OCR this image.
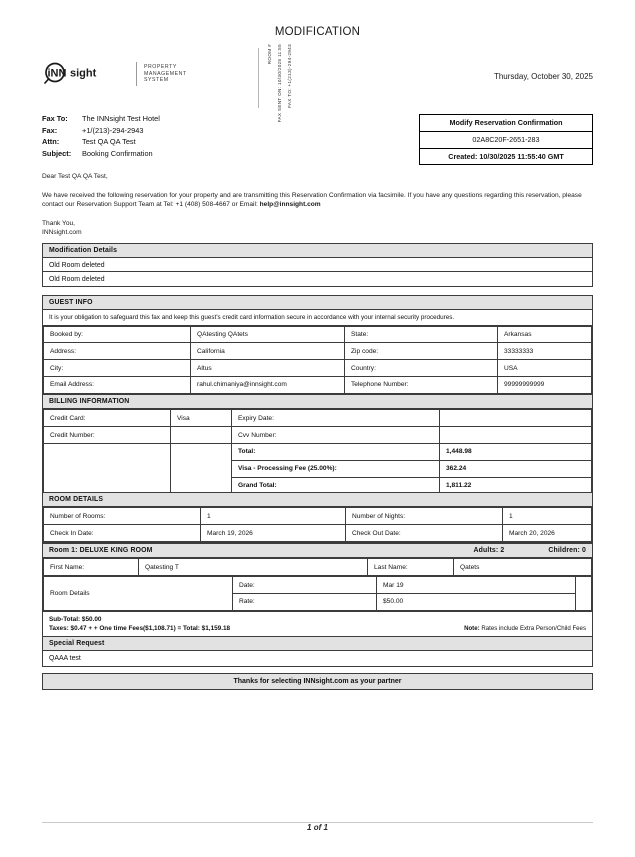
MODIFICATION
iNN sight
PROPERTY
MANAGEMENT
SYSTEM
ROOM # FAX SENT ON: 10/30/2025 11:55 FAX TO: +1(213)-294-2943	Thursday, October 30, 2025
Fax To:	The INNsight Test Hotel
Fax:	+1/(213)-294-2943
Attn:	Test QA QA Test
Subject:	Booking Confirmation
Modify Reservation Confirmation
02A8C20F-2651-283
Created: 10/30/2025 11:55:40 GMT
Dear Test QA QA Test,

We have received the following reservation for your property and are transmitting this Reservation Confirmation via facsimile. If you have any questions regarding this reservation, please contact our Reservation Support Team at Tel: +1 (408) 508-4667 or Email: help@innsight.com

Thank You,
INNsight.com
Modification Details
Old Room deleted
Old Room deleted
GUEST INFO
It is your obligation to safeguard this fax and keep this guest's credit card information secure in accordance with your internal security procedures.
Booked by:	QAtesting QAtets	State:	Arkansas
Address:	California	Zip code:	33333333
City:	Altus	Country:	USA
Email Address:	rahul.chimaniya@innsight.com	Telephone Number:	99999999999
BILLING INFORMATION
Credit Card:	Visa	Expiry Date:	
Credit Number:		Cvv Number:	
		Total:	1,448.98
		Visa - Processing Fee (25.00%):	362.24
		Grand Total:	1,811.22
ROOM DETAILS
Number of Rooms:	1	Number of Nights:	1
Check In Date:	March 19, 2026	Check Out Date:	March 20, 2026
Room 1: DELUXE KING ROOM	Adults: 2	Children: 0
First Name:	Qatesting T	Last Name:	Qatets
Room Details	Date:	Mar 19	
	Rate:	$50.00	
Sub-Total: $50.00
Taxes: $0.47 + + One time Fees($1,108.71) = Total: $1,159.18	Note: Rates include Extra Person/Child Fees
Special Request
QAAA test
Thanks for selecting INNsight.com as your partner
1 of 1
